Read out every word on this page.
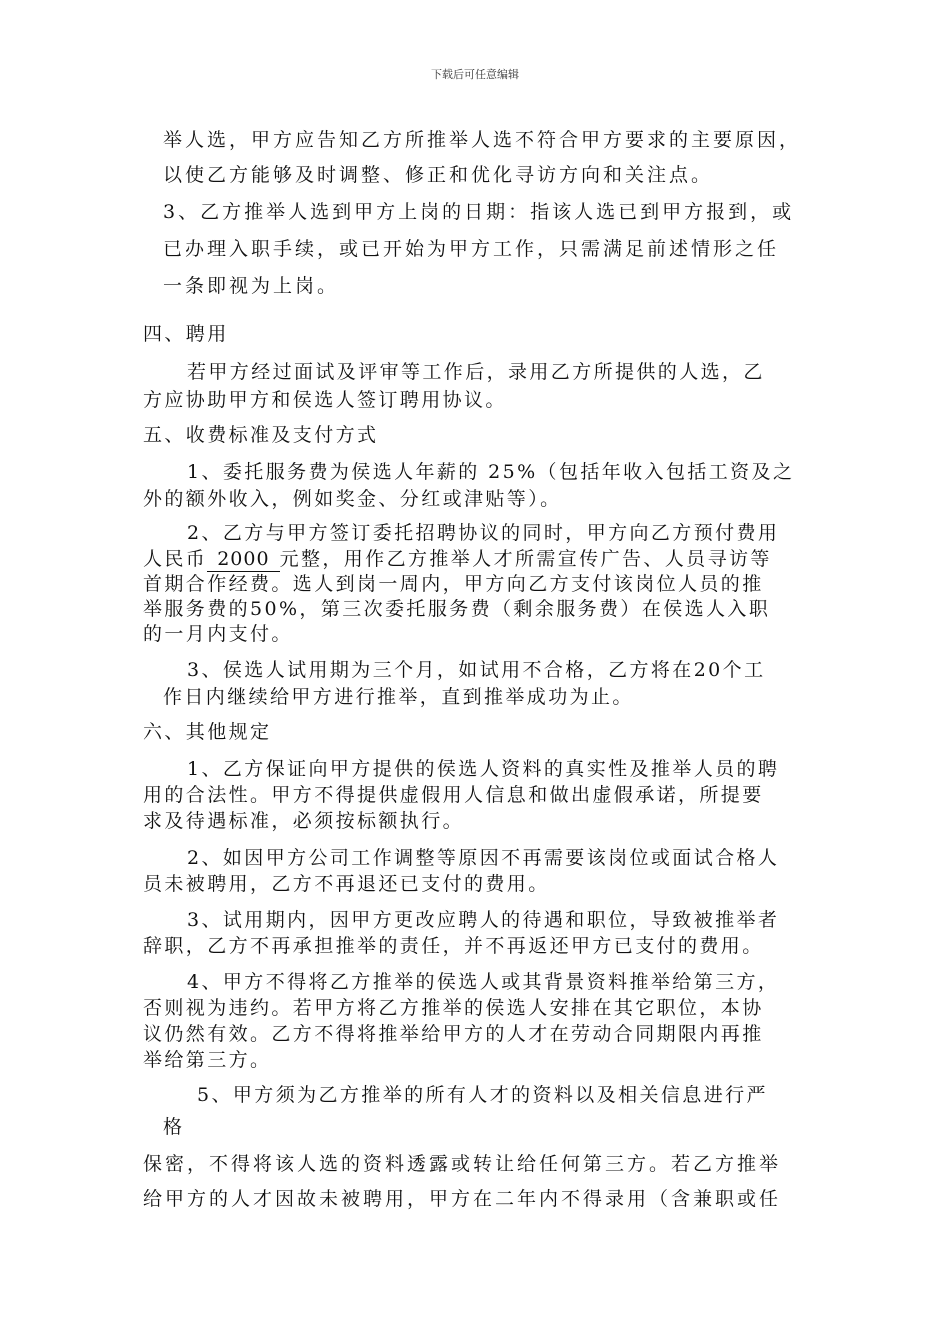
下载后可任意编辑
举人选，甲方应告知乙方所推举人选不符合甲方要求的主要原因，
以使乙方能够及时调整、修正和优化寻访方向和关注点。
3、乙方推举人选到甲方上岗的日期：指该人选已到甲方报到，或
已办理入职手续，或已开始为甲方工作，只需满足前述情形之任
一条即视为上岗。
四、聘用
若甲方经过面试及评审等工作后，录用乙方所提供的人选，乙
方应协助甲方和侯选人签订聘用协议。
五、收费标准及支付方式
1、委托服务费为侯选人年薪的 25%（包括年收入包括工资及之
外的额外收入，例如奖金、分红或津贴等）。
2、乙方与甲方签订委托招聘协议的同时，甲方向乙方预付费用
人民币 2000 元整，用作乙方推举人才所需宣传广告、人员寻访等
首期合作经费。选人到岗一周内，甲方向乙方支付该岗位人员的推
举服务费的50%，第三次委托服务费（剩余服务费）在侯选人入职
的一月内支付。
3、侯选人试用期为三个月，如试用不合格，乙方将在20个工
作日内继续给甲方进行推举，直到推举成功为止。
六、其他规定
1、乙方保证向甲方提供的侯选人资料的真实性及推举人员的聘
用的合法性。甲方不得提供虚假用人信息和做出虚假承诺，所提要
求及待遇标准，必须按标额执行。
2、如因甲方公司工作调整等原因不再需要该岗位或面试合格人
员未被聘用，乙方不再退还已支付的费用。
3、试用期内，因甲方更改应聘人的待遇和职位，导致被推举者
辞职，乙方不再承担推举的责任，并不再返还甲方已支付的费用。
4、甲方不得将乙方推举的侯选人或其背景资料推举给第三方，
否则视为违约。若甲方将乙方推举的侯选人安排在其它职位，本协
议仍然有效。乙方不得将推举给甲方的人才在劳动合同期限内再推
举给第三方。
5、甲方须为乙方推举的所有人才的资料以及相关信息进行严
格
保密，不得将该人选的资料透露或转让给任何第三方。若乙方推举
给甲方的人才因故未被聘用，甲方在二年内不得录用（含兼职或任
